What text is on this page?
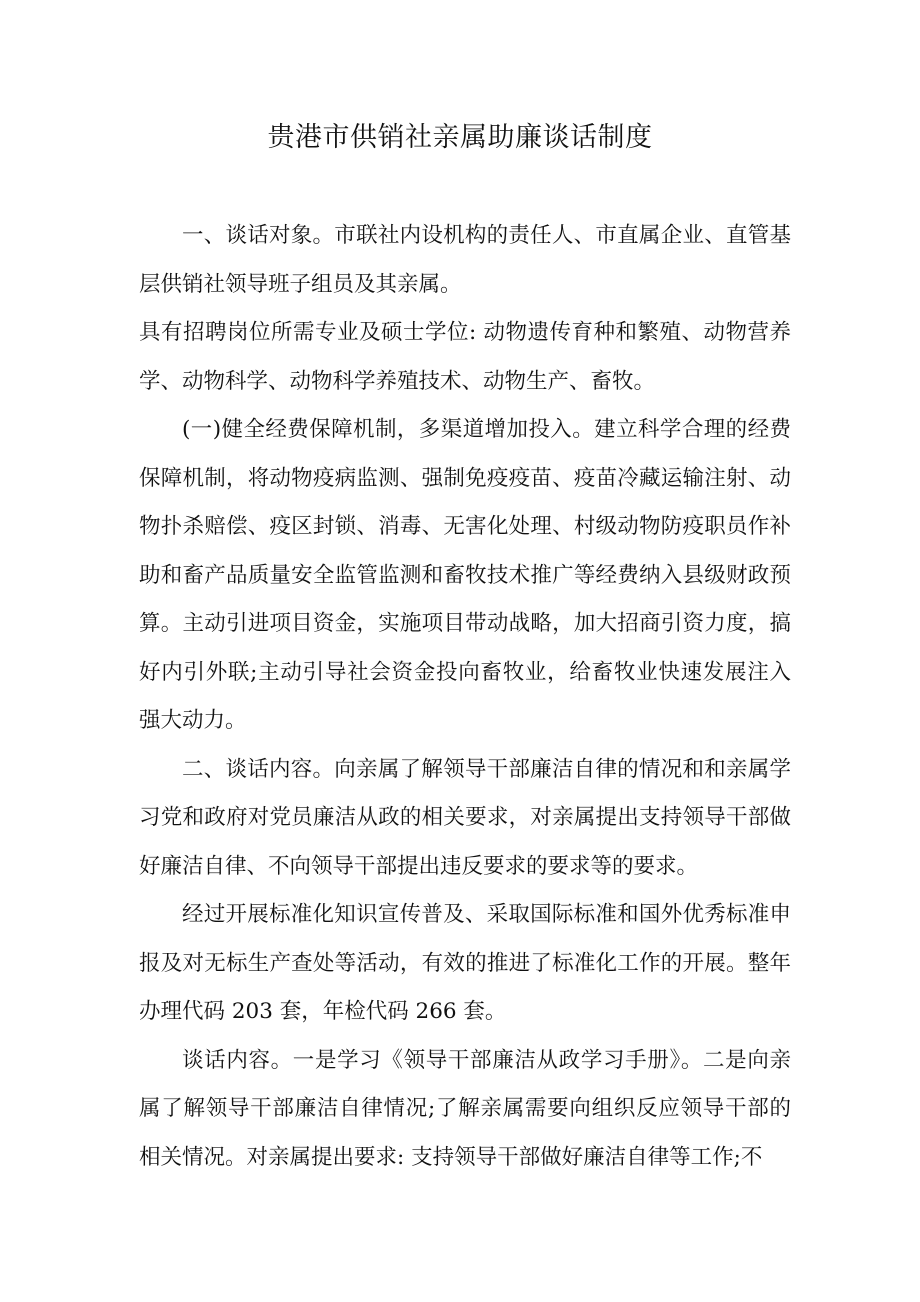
贵港市供销社亲属助廉谈话制度

一、谈话对象。市联社内设机构的责任人、市直属企业、直管基层供销社领导班子组员及其亲属。

具有招聘岗位所需专业及硕士学位: 动物遗传育种和繁殖、动物营养学、动物科学、动物科学养殖技术、动物生产、畜牧。

(一)健全经费保障机制，多渠道增加投入。建立科学合理的经费保障机制，将动物疫病监测、强制免疫疫苗、疫苗冷藏运输注射、动物扑杀赔偿、疫区封锁、消毒、无害化处理、村级动物防疫职员作补助和畜产品质量安全监管监测和畜牧技术推广等经费纳入县级财政预算。主动引进项目资金，实施项目带动战略，加大招商引资力度，搞好内引外联;主动引导社会资金投向畜牧业，给畜牧业快速发展注入强大动力。

二、谈话内容。向亲属了解领导干部廉洁自律的情况和和亲属学习党和政府对党员廉洁从政的相关要求，对亲属提出支持领导干部做好廉洁自律、不向领导干部提出违反要求的要求等的要求。

经过开展标准化知识宣传普及、采取国际标准和国外优秀标准申报及对无标生产查处等活动，有效的推进了标准化工作的开展。整年办理代码 203 套，年检代码 266 套。

谈话内容。一是学习《领导干部廉洁从政学习手册》。二是向亲属了解领导干部廉洁自律情况;了解亲属需要向组织反应领导干部的相关情况。对亲属提出要求: 支持领导干部做好廉洁自律等工作;不
